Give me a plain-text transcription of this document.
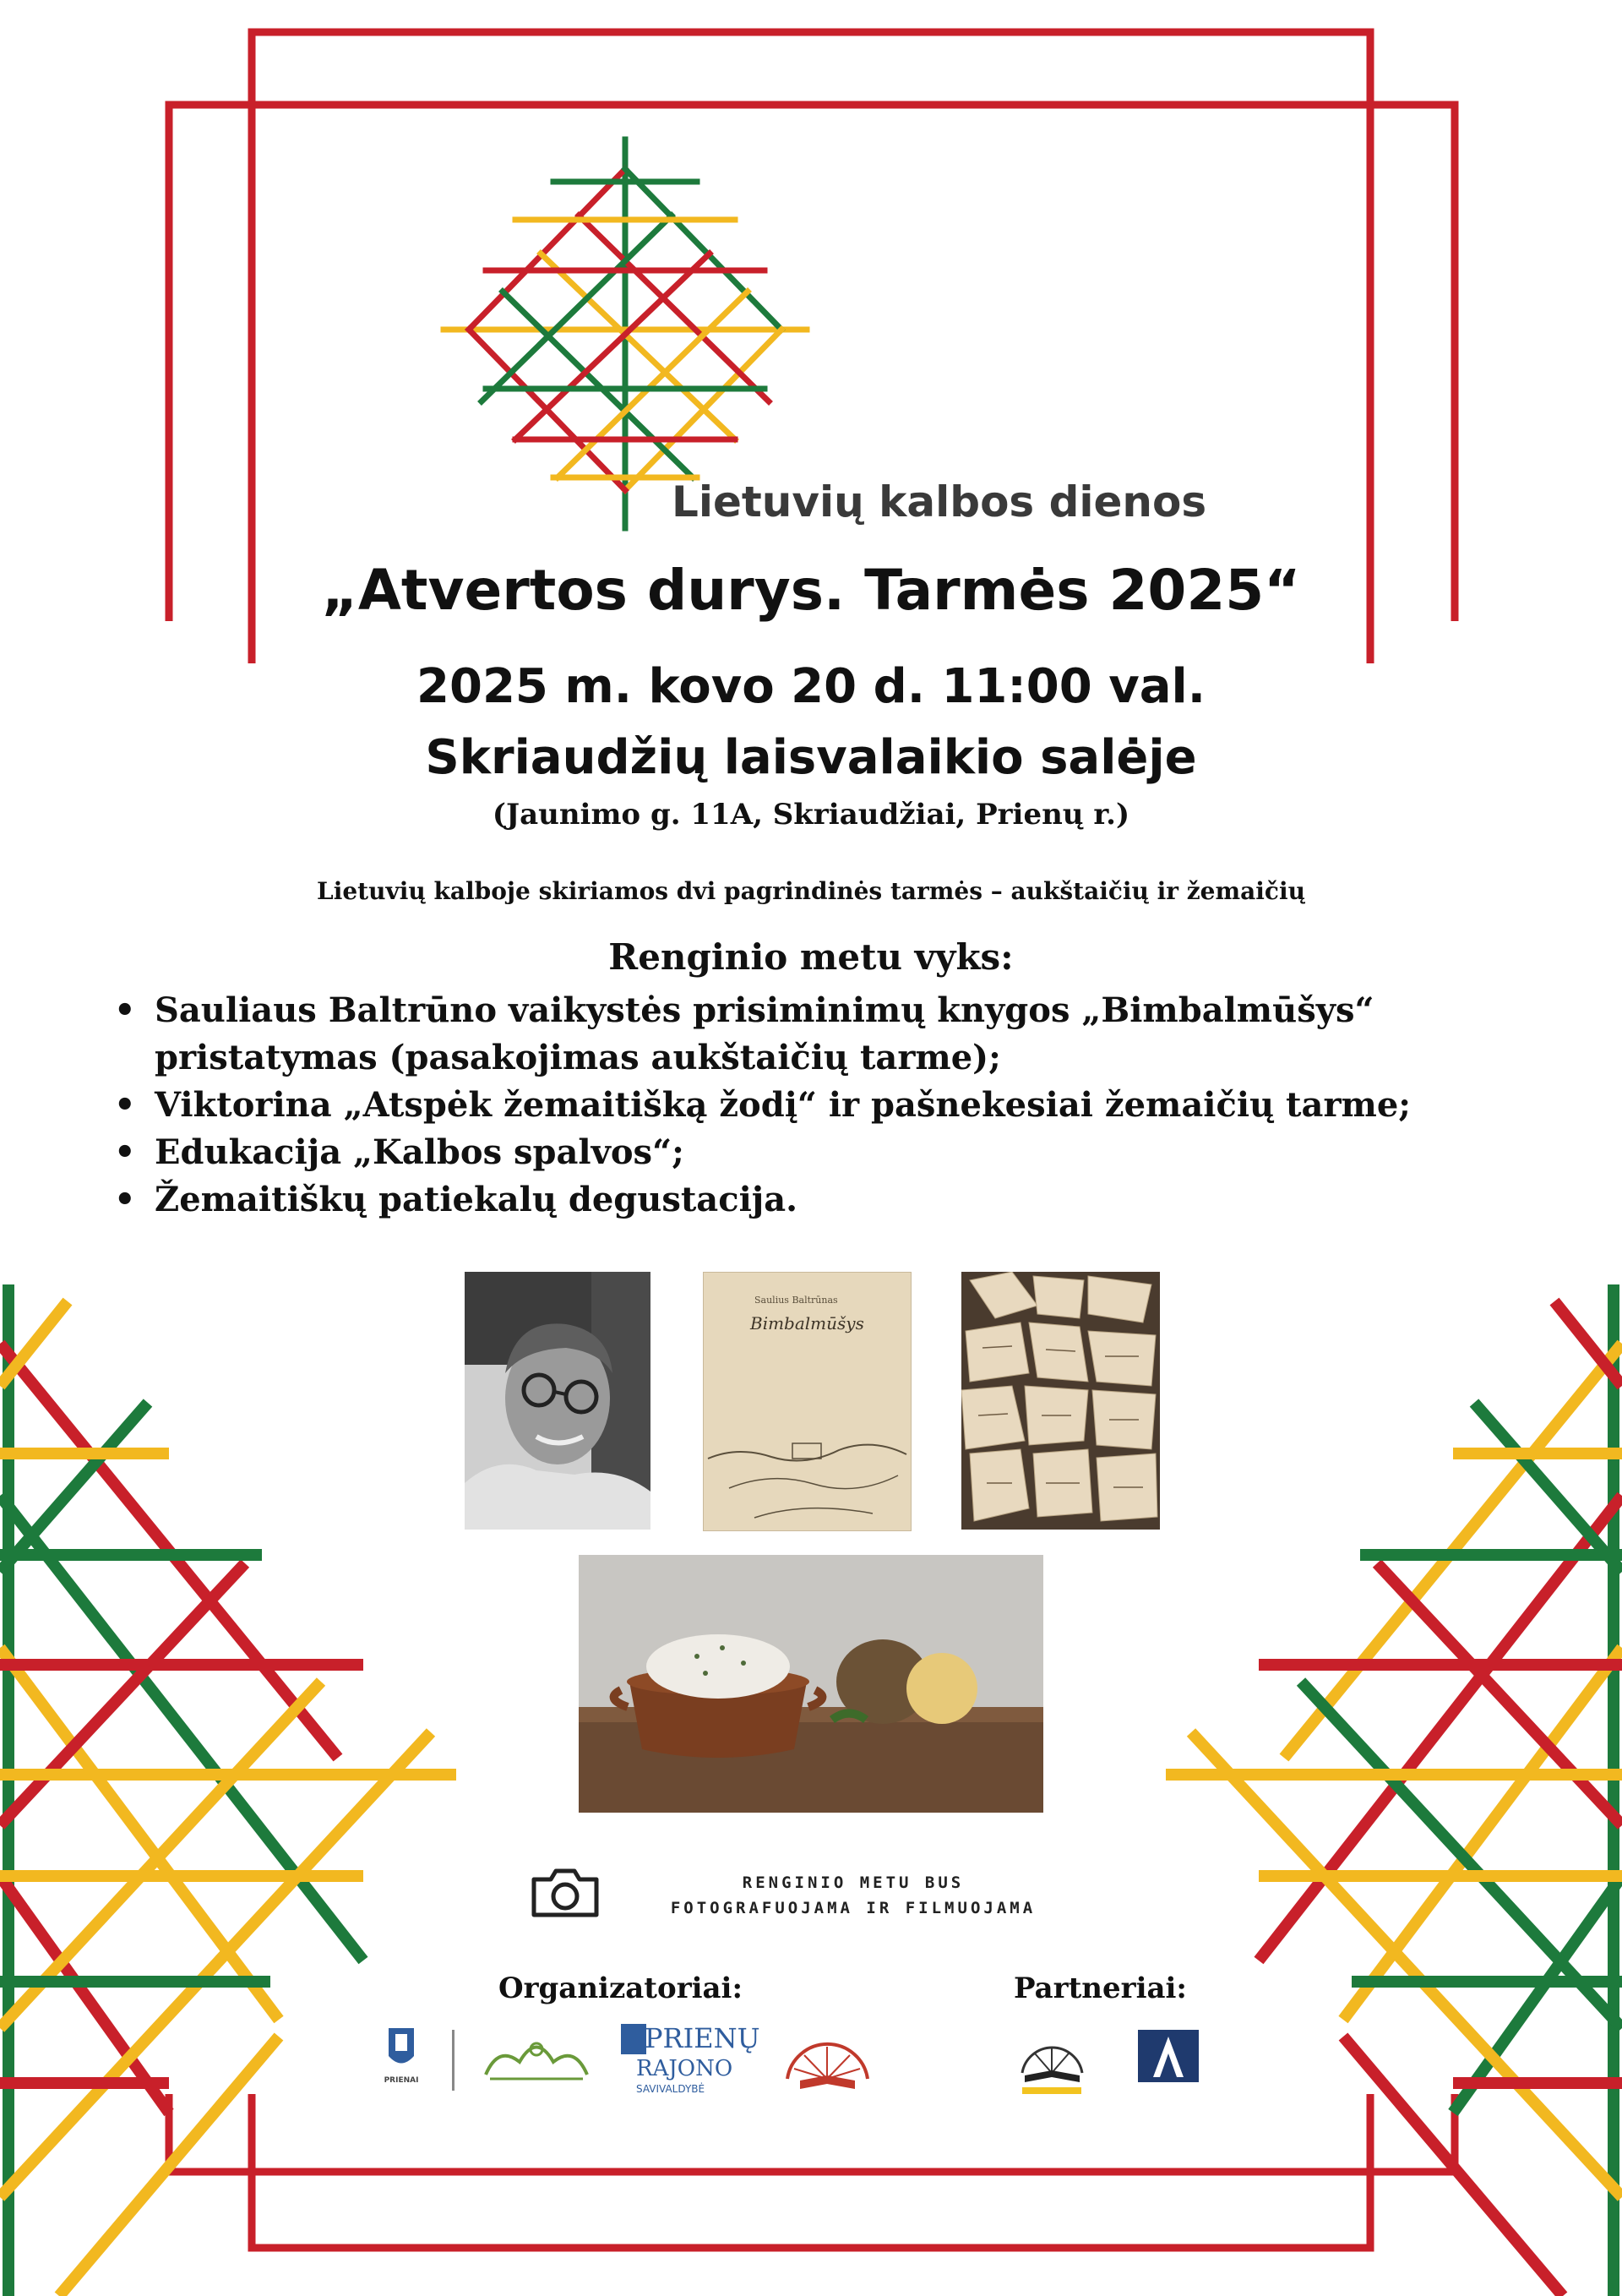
Lietuvių kalbos dienos
„Atvertos durys. Tarmės 2025“
2025 m. kovo 20 d. 11:00 val.
Skriaudžių laisvalaikio salėje
(Jaunimo g. 11A, Skriaudžiai, Prienų r.)
Lietuvių kalboje skiriamos dvi pagrindinės tarmės – aukštaičių ir žemaičių
Renginio metu vyks:
• Sauliaus Baltrūno vaikystės prisiminimų knygos „Bimbalmūšys“ pristatymas (pasakojimas aukštaičių tarme);
• Viktorina „Atspėk žemaitišką žodį“ ir pašnekesiai žemaičių tarme;
• Edukacija „Kalbos spalvos“;
• Žemaitiškų patiekalų degustacija.
Saulius Baltrūnas
Bimbalmūšys
RENGINIO METU BUS
FOTOGRAFUOJAMA IR FILMUOJAMA
Organizatoriai:	Partneriai:
PRIENAI
PRIENŲ
RAJONO
SAVIVALDYBĖ
